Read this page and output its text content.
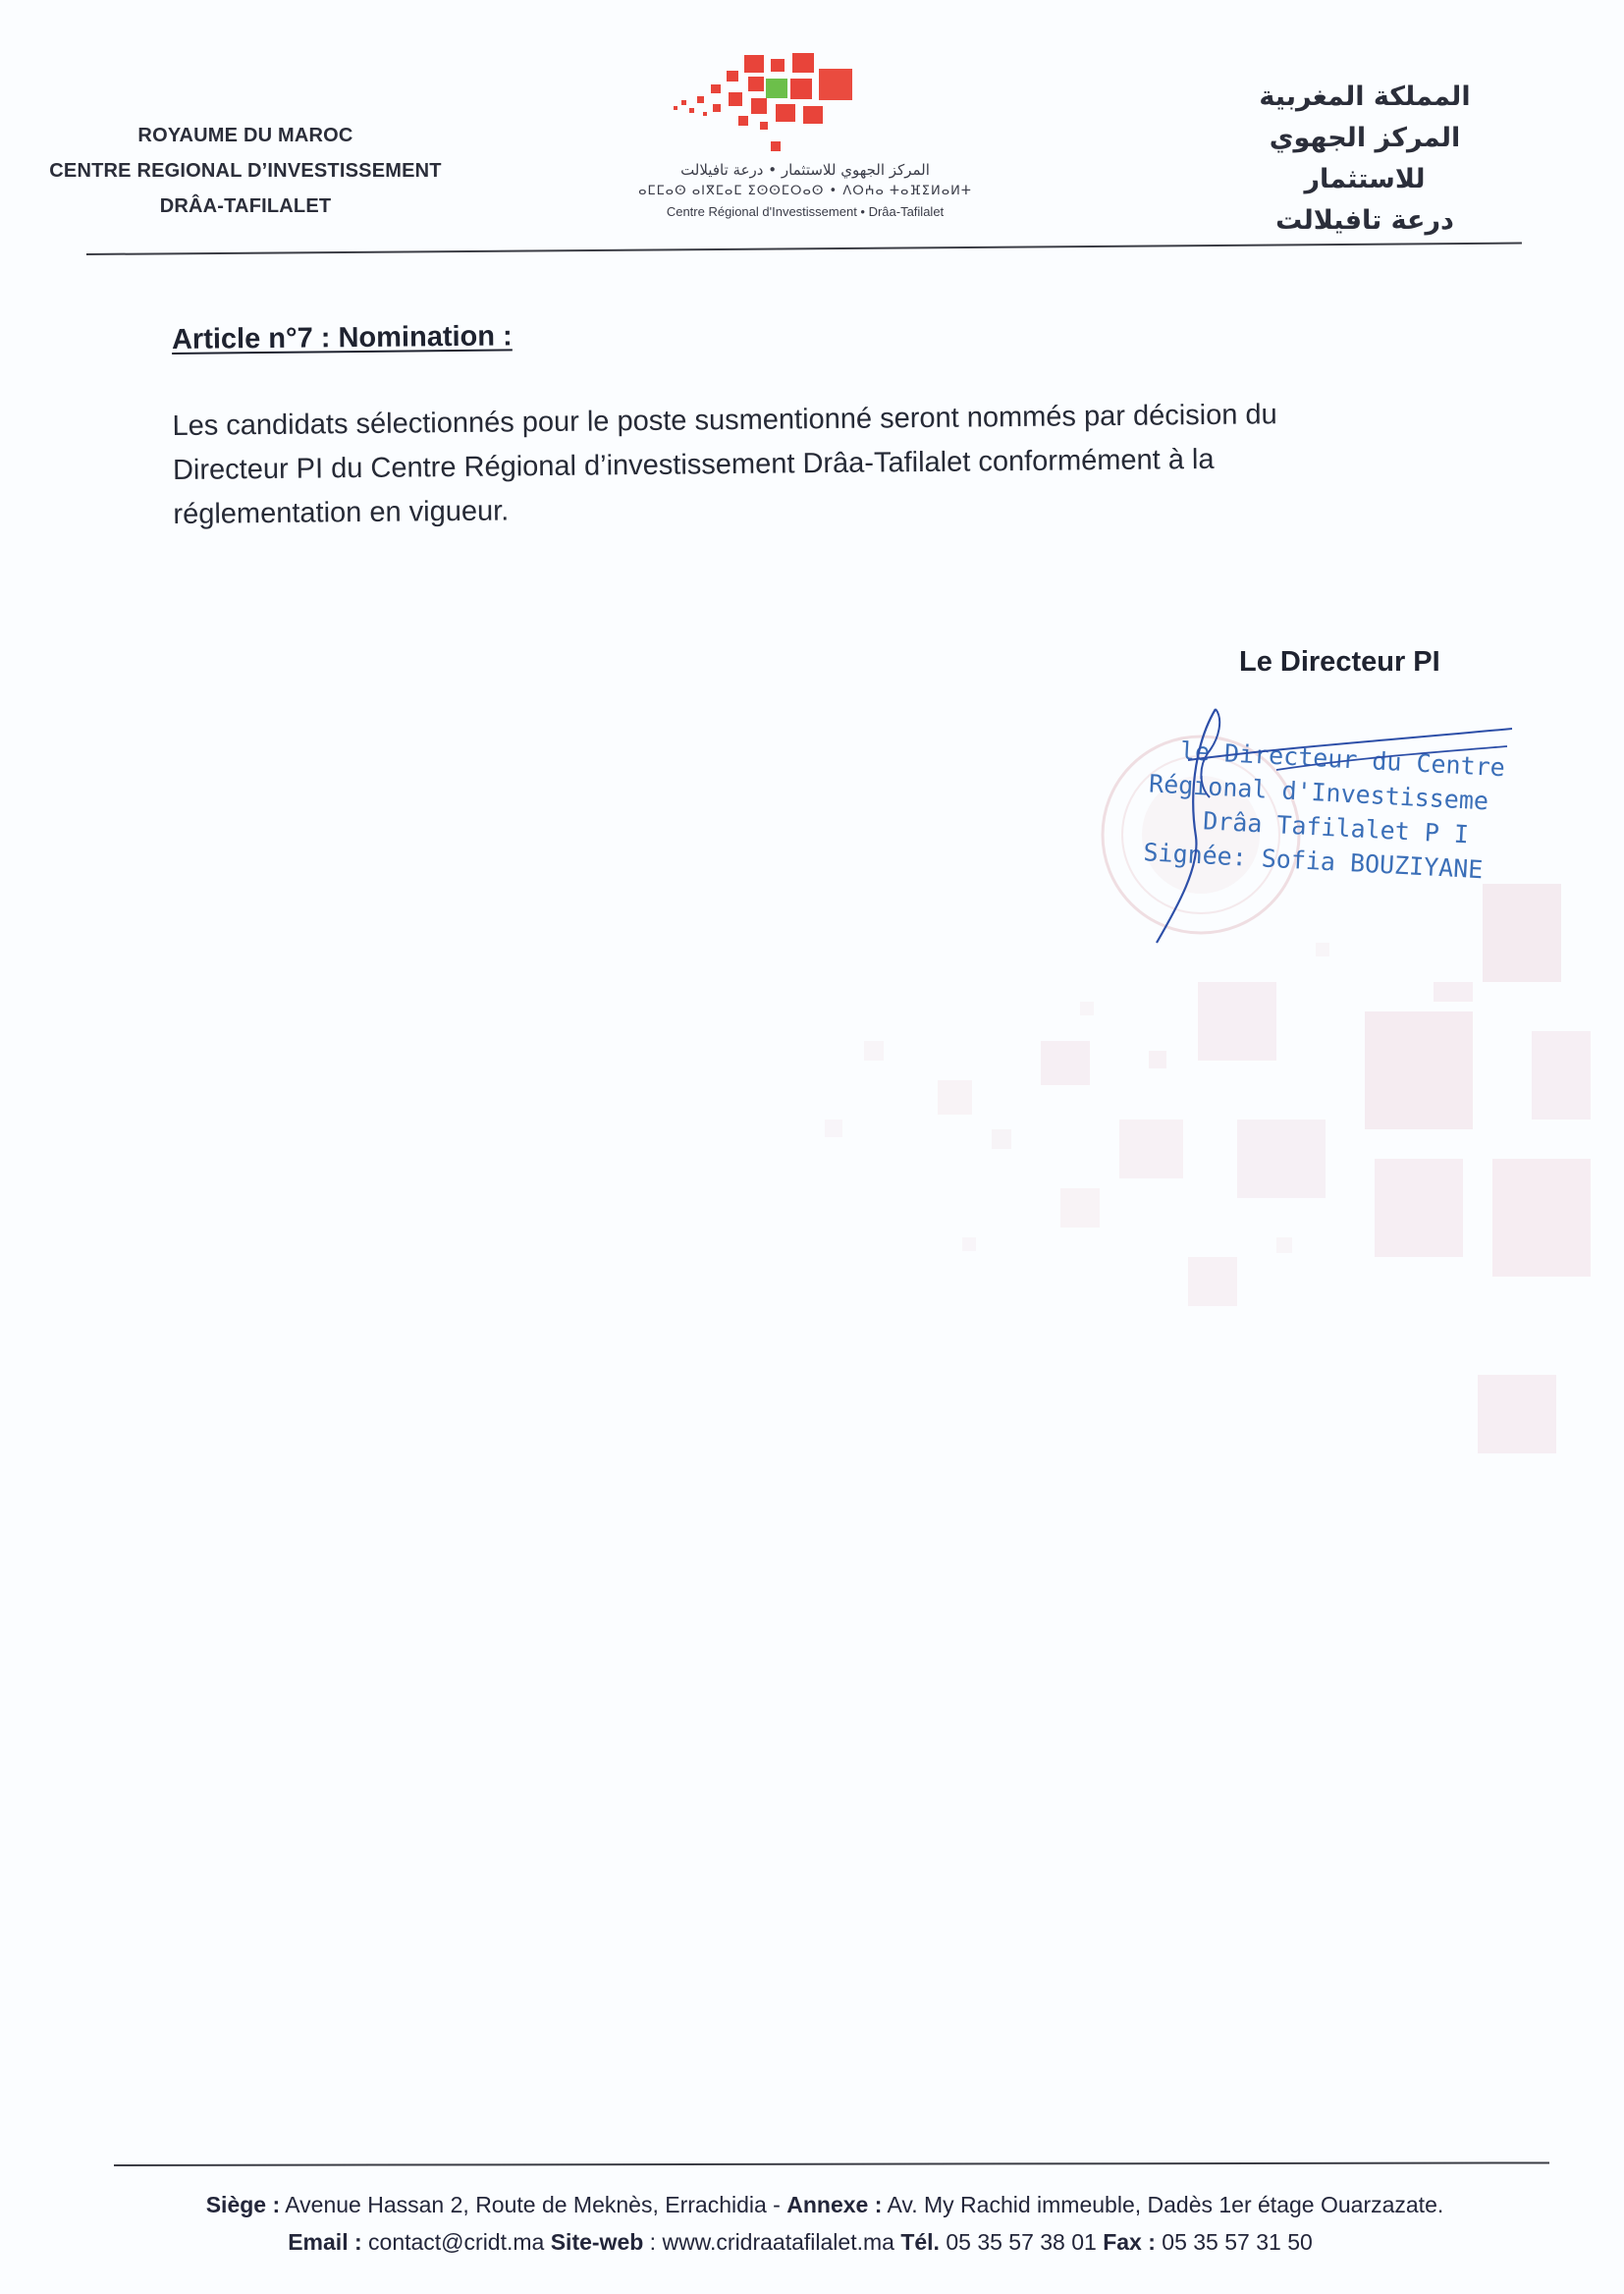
ROYAUME DU MAROC
CENTRE REGIONAL D’INVESTISSEMENT
DRÂA-TAFILALET
المركز الجهوي للاستثمار • درعة تافيلالت
ⴰⵎⵎⴰⵙ ⴰⵏⴳⵎⴰⵎ ⵉⵙⵙⵎⵔⴰⵙ • ⴷⵔⵄⴰ ⵜⴰⴼⵉⵍⴰⵍⵜ
Centre Régional d'Investissement • Drâa-Tafilalet
المملكة المغربية
المركز الجهوي للاستثمار
درعة تافيلالت
Article n°7 : Nomination :
Les candidats sélectionnés pour le poste susmentionné seront nommés par décision du
Directeur PI du Centre Régional d’investissement Drâa-Tafilalet conformément à la
réglementation en vigueur.
Le Directeur PI
le Directeur du Centre
Régional d'Investisseme
Drâa Tafilalet P I
Signée: Sofia BOUZIYANE
Siège : Avenue Hassan 2, Route de Meknès, Errachidia - Annexe : Av. My Rachid immeuble, Dadès 1er étage Ouarzazate.
Email : contact@cridt.ma Site-web : www.cridraatafilalet.ma Tél. 05 35 57 38 01 Fax : 05 35 57 31 50
